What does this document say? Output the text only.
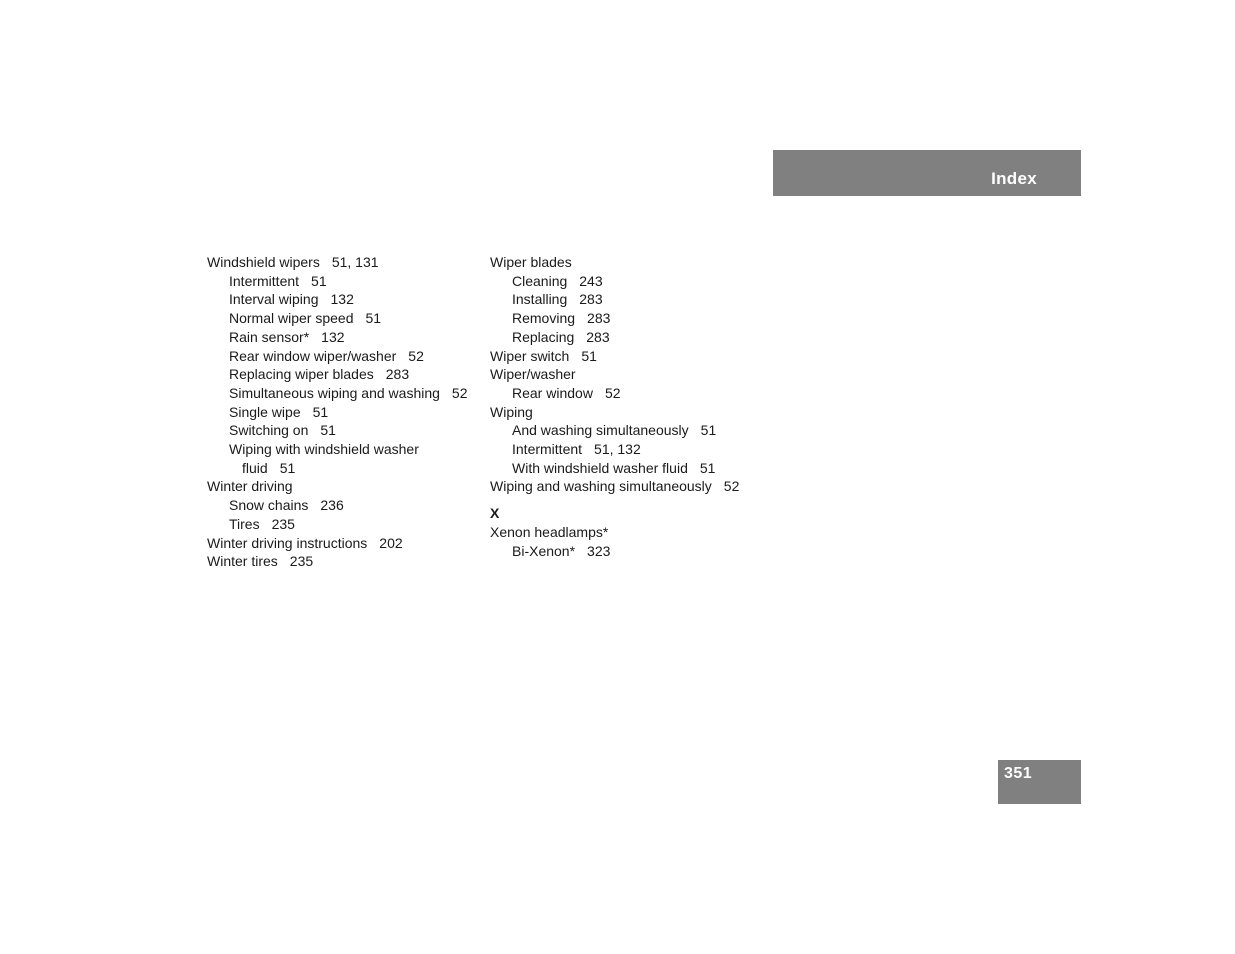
Index
Windshield wipers 51, 131
Intermittent 51
Interval wiping 132
Normal wiper speed 51
Rain sensor* 132
Rear window wiper/washer 52
Replacing wiper blades 283
Simultaneous wiping and washing 52
Single wipe 51
Switching on 51
Wiping with windshield washer
fluid 51
Winter driving
Snow chains 236
Tires 235
Winter driving instructions 202
Winter tires 235
Wiper blades
Cleaning 243
Installing 283
Removing 283
Replacing 283
Wiper switch 51
Wiper/washer
Rear window 52
Wiping
And washing simultaneously 51
Intermittent 51, 132
With windshield washer fluid 51
Wiping and washing simultaneously 52
X
Xenon headlamps*
Bi-Xenon* 323
351
